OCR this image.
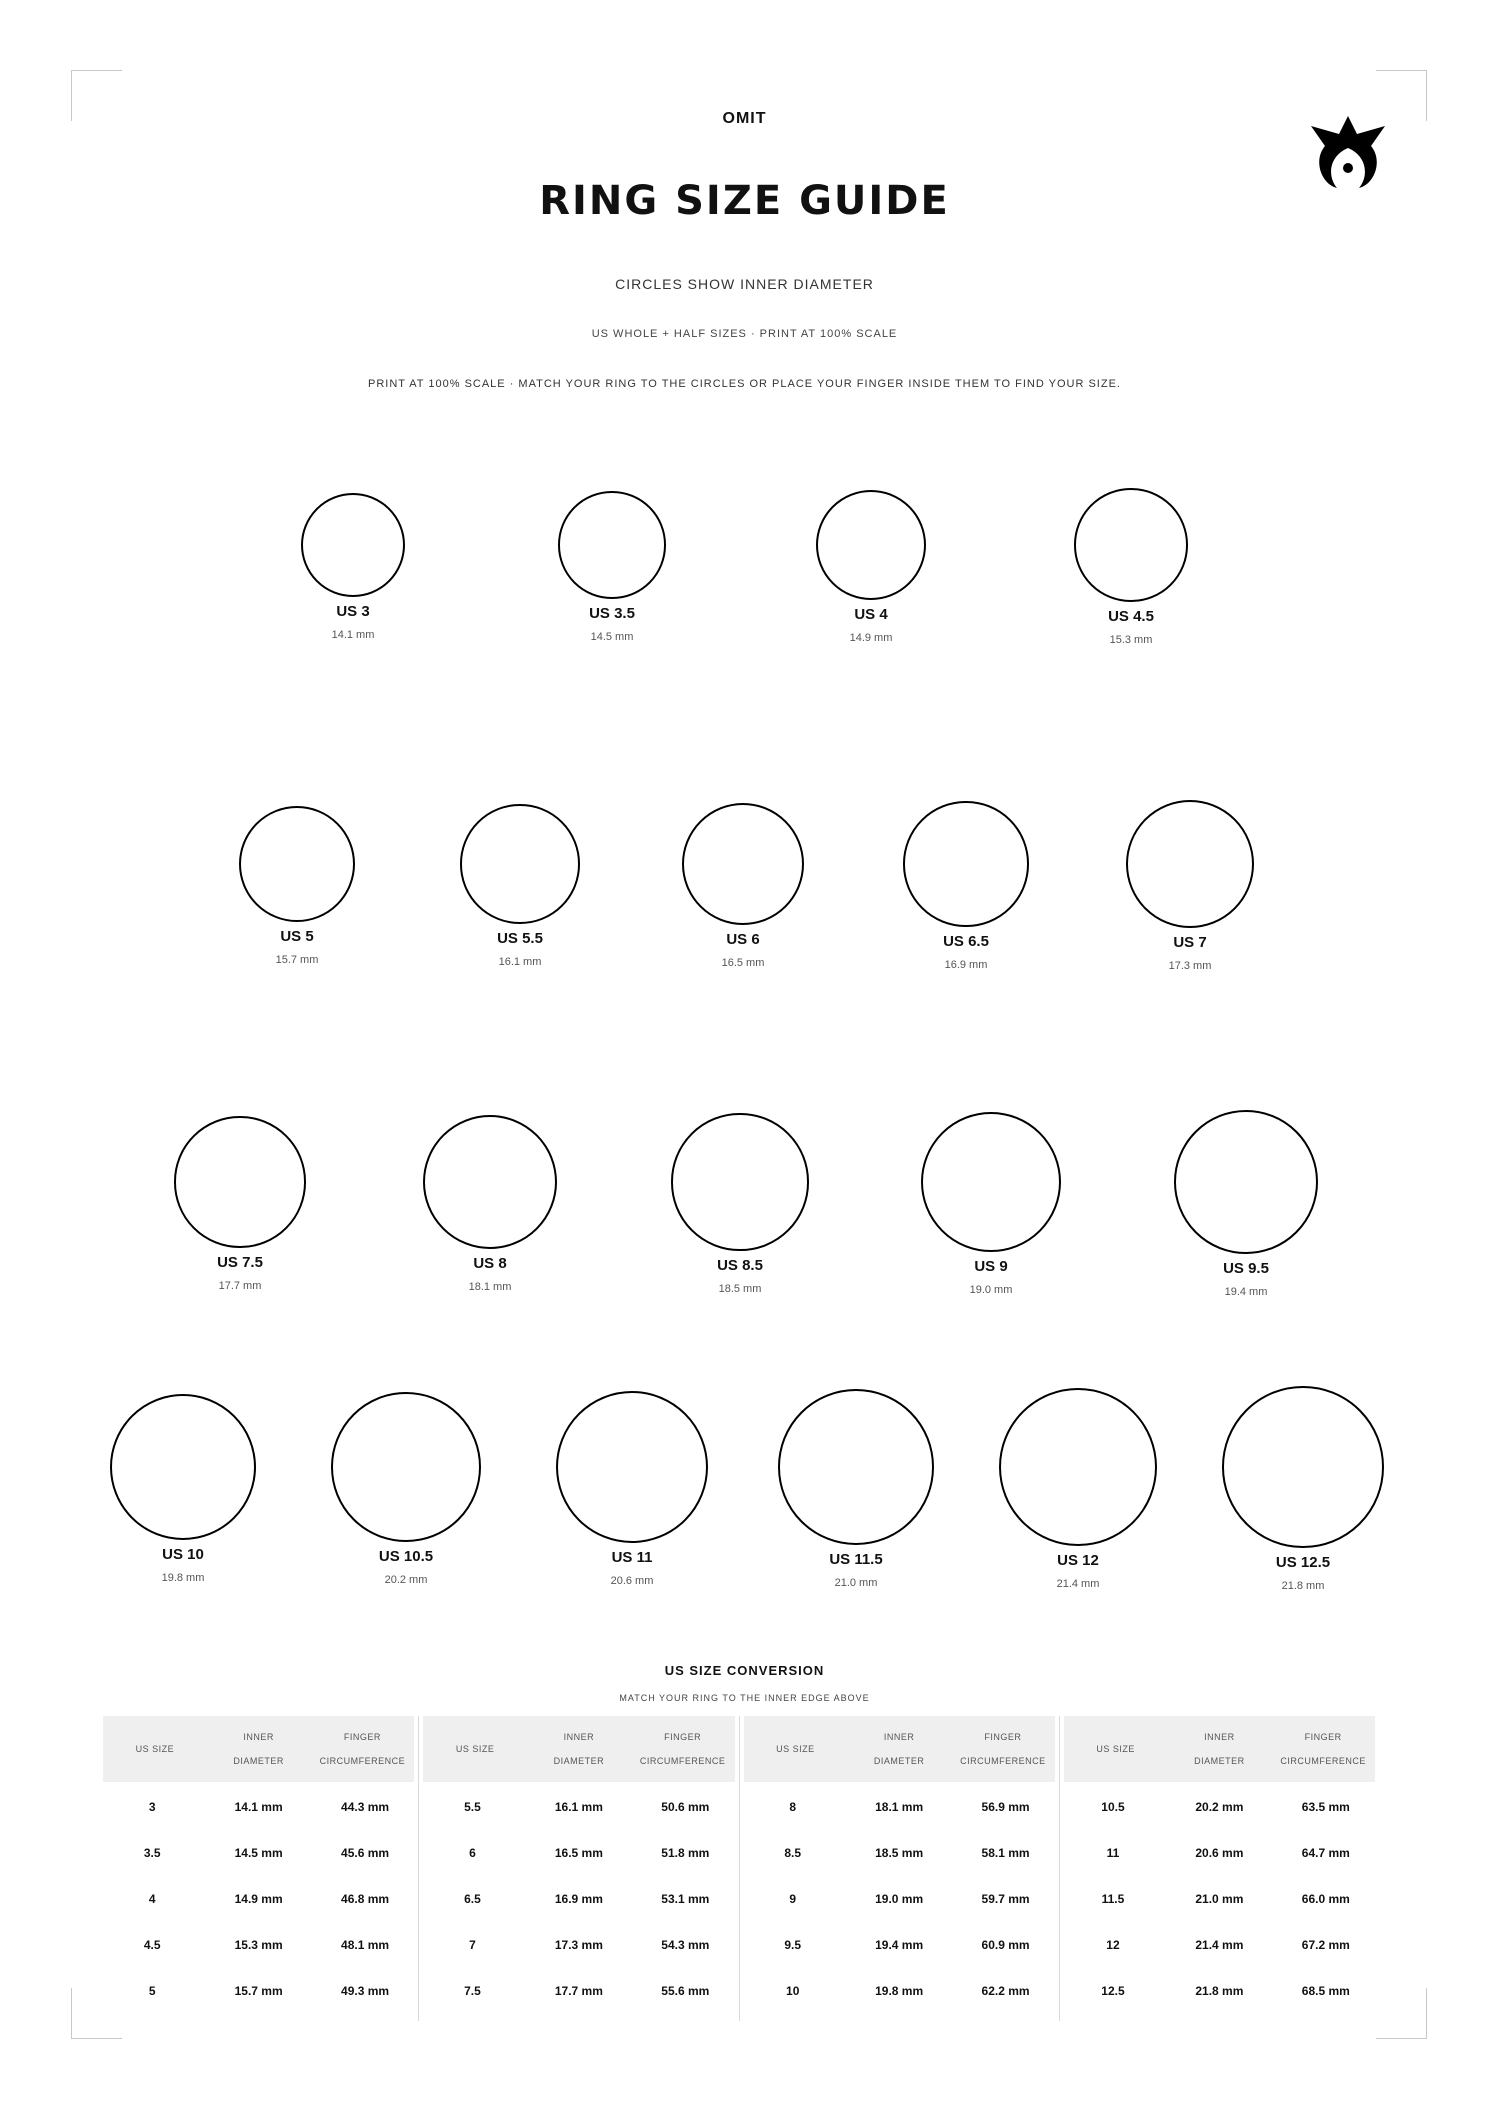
OMIT
RING SIZE GUIDE
CIRCLES SHOW INNER DIAMETER
US WHOLE + HALF SIZES · PRINT AT 100% SCALE
PRINT AT 100% SCALE · MATCH YOUR RING TO THE CIRCLES OR PLACE YOUR FINGER INSIDE THEM TO FIND YOUR SIZE.
US 3
14.1 mm
US 3.5
14.5 mm
US 4
14.9 mm
US 4.5
15.3 mm
US 5
15.7 mm
US 5.5
16.1 mm
US 6
16.5 mm
US 6.5
16.9 mm
US 7
17.3 mm
US 7.5
17.7 mm
US 8
18.1 mm
US 8.5
18.5 mm
US 9
19.0 mm
US 9.5
19.4 mm
US 10
19.8 mm
US 10.5
20.2 mm
US 11
20.6 mm
US 11.5
21.0 mm
US 12
21.4 mm
US 12.5
21.8 mm
US SIZE CONVERSION
MATCH YOUR RING TO THE INNER EDGE ABOVE
US SIZE
INNER
DIAMETER
FINGER
CIRCUMFERENCE
3	14.1 mm	44.3 mm
3.5	14.5 mm	45.6 mm
4	14.9 mm	46.8 mm
4.5	15.3 mm	48.1 mm
5	15.7 mm	49.3 mm
US SIZE
INNER
DIAMETER
FINGER
CIRCUMFERENCE
5.5	16.1 mm	50.6 mm
6	16.5 mm	51.8 mm
6.5	16.9 mm	53.1 mm
7	17.3 mm	54.3 mm
7.5	17.7 mm	55.6 mm
US SIZE
INNER
DIAMETER
FINGER
CIRCUMFERENCE
8	18.1 mm	56.9 mm
8.5	18.5 mm	58.1 mm
9	19.0 mm	59.7 mm
9.5	19.4 mm	60.9 mm
10	19.8 mm	62.2 mm
US SIZE
INNER
DIAMETER
FINGER
CIRCUMFERENCE
10.5	20.2 mm	63.5 mm
11	20.6 mm	64.7 mm
11.5	21.0 mm	66.0 mm
12	21.4 mm	67.2 mm
12.5	21.8 mm	68.5 mm
